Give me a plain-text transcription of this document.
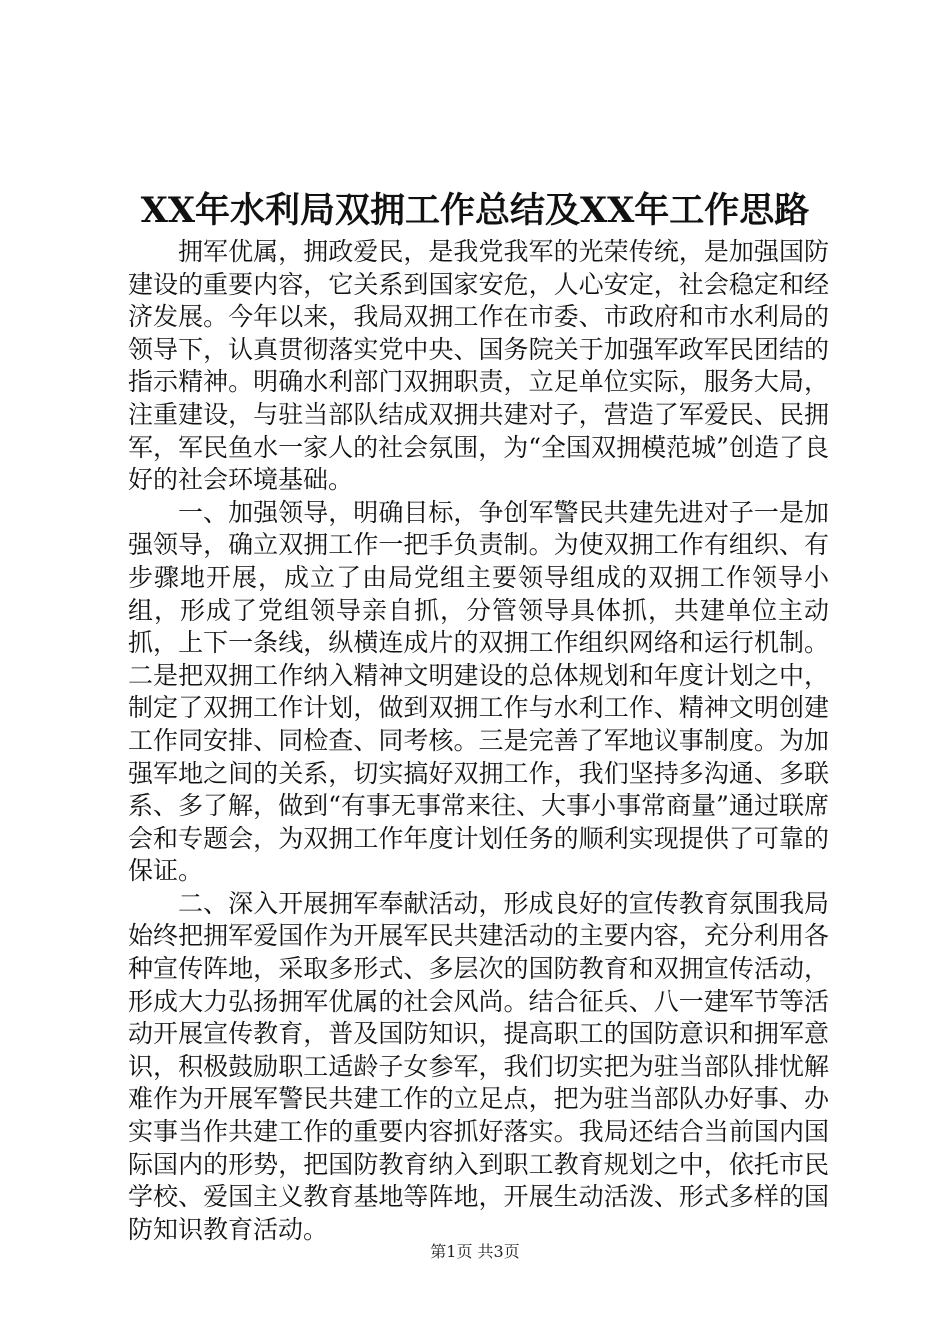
XX年水利局双拥工作总结及XX年工作思路

拥军优属，拥政爱民，是我党我军的光荣传统，是加强国防建设的重要内容，它关系到国家安危，人心安定，社会稳定和经济发展。今年以来，我局双拥工作在市委、市政府和市水利局的领导下，认真贯彻落实党中央、国务院关于加强军政军民团结的指示精神。明确水利部门双拥职责，立足单位实际，服务大局，注重建设，与驻当部队结成双拥共建对子，营造了军爱民、民拥军，军民鱼水一家人的社会氛围，为“全国双拥模范城”创造了良好的社会环境基础。

一、加强领导，明确目标，争创军警民共建先进对子一是加强领导，确立双拥工作一把手负责制。为使双拥工作有组织、有步骤地开展，成立了由局党组主要领导组成的双拥工作领导小组，形成了党组领导亲自抓，分管领导具体抓，共建单位主动抓，上下一条线，纵横连成片的双拥工作组织网络和运行机制。二是把双拥工作纳入精神文明建设的总体规划和年度计划之中，制定了双拥工作计划，做到双拥工作与水利工作、精神文明创建工作同安排、同检查、同考核。三是完善了军地议事制度。为加强军地之间的关系，切实搞好双拥工作，我们坚持多沟通、多联系、多了解，做到“有事无事常来往、大事小事常商量”通过联席会和专题会，为双拥工作年度计划任务的顺利实现提供了可靠的保证。

二、深入开展拥军奉献活动，形成良好的宣传教育氛围我局始终把拥军爱国作为开展军民共建活动的主要内容，充分利用各种宣传阵地，采取多形式、多层次的国防教育和双拥宣传活动，形成大力弘扬拥军优属的社会风尚。结合征兵、八一建军节等活动开展宣传教育，普及国防知识，提高职工的国防意识和拥军意识，积极鼓励职工适龄子女参军，我们切实把为驻当部队排忧解难作为开展军警民共建工作的立足点，把为驻当部队办好事、办实事当作共建工作的重要内容抓好落实。我局还结合当前国内国际国内的形势，把国防教育纳入到职工教育规划之中，依托市民学校、爱国主义教育基地等阵地，开展生动活泼、形式多样的国防知识教育活动。

第1页 共3页
